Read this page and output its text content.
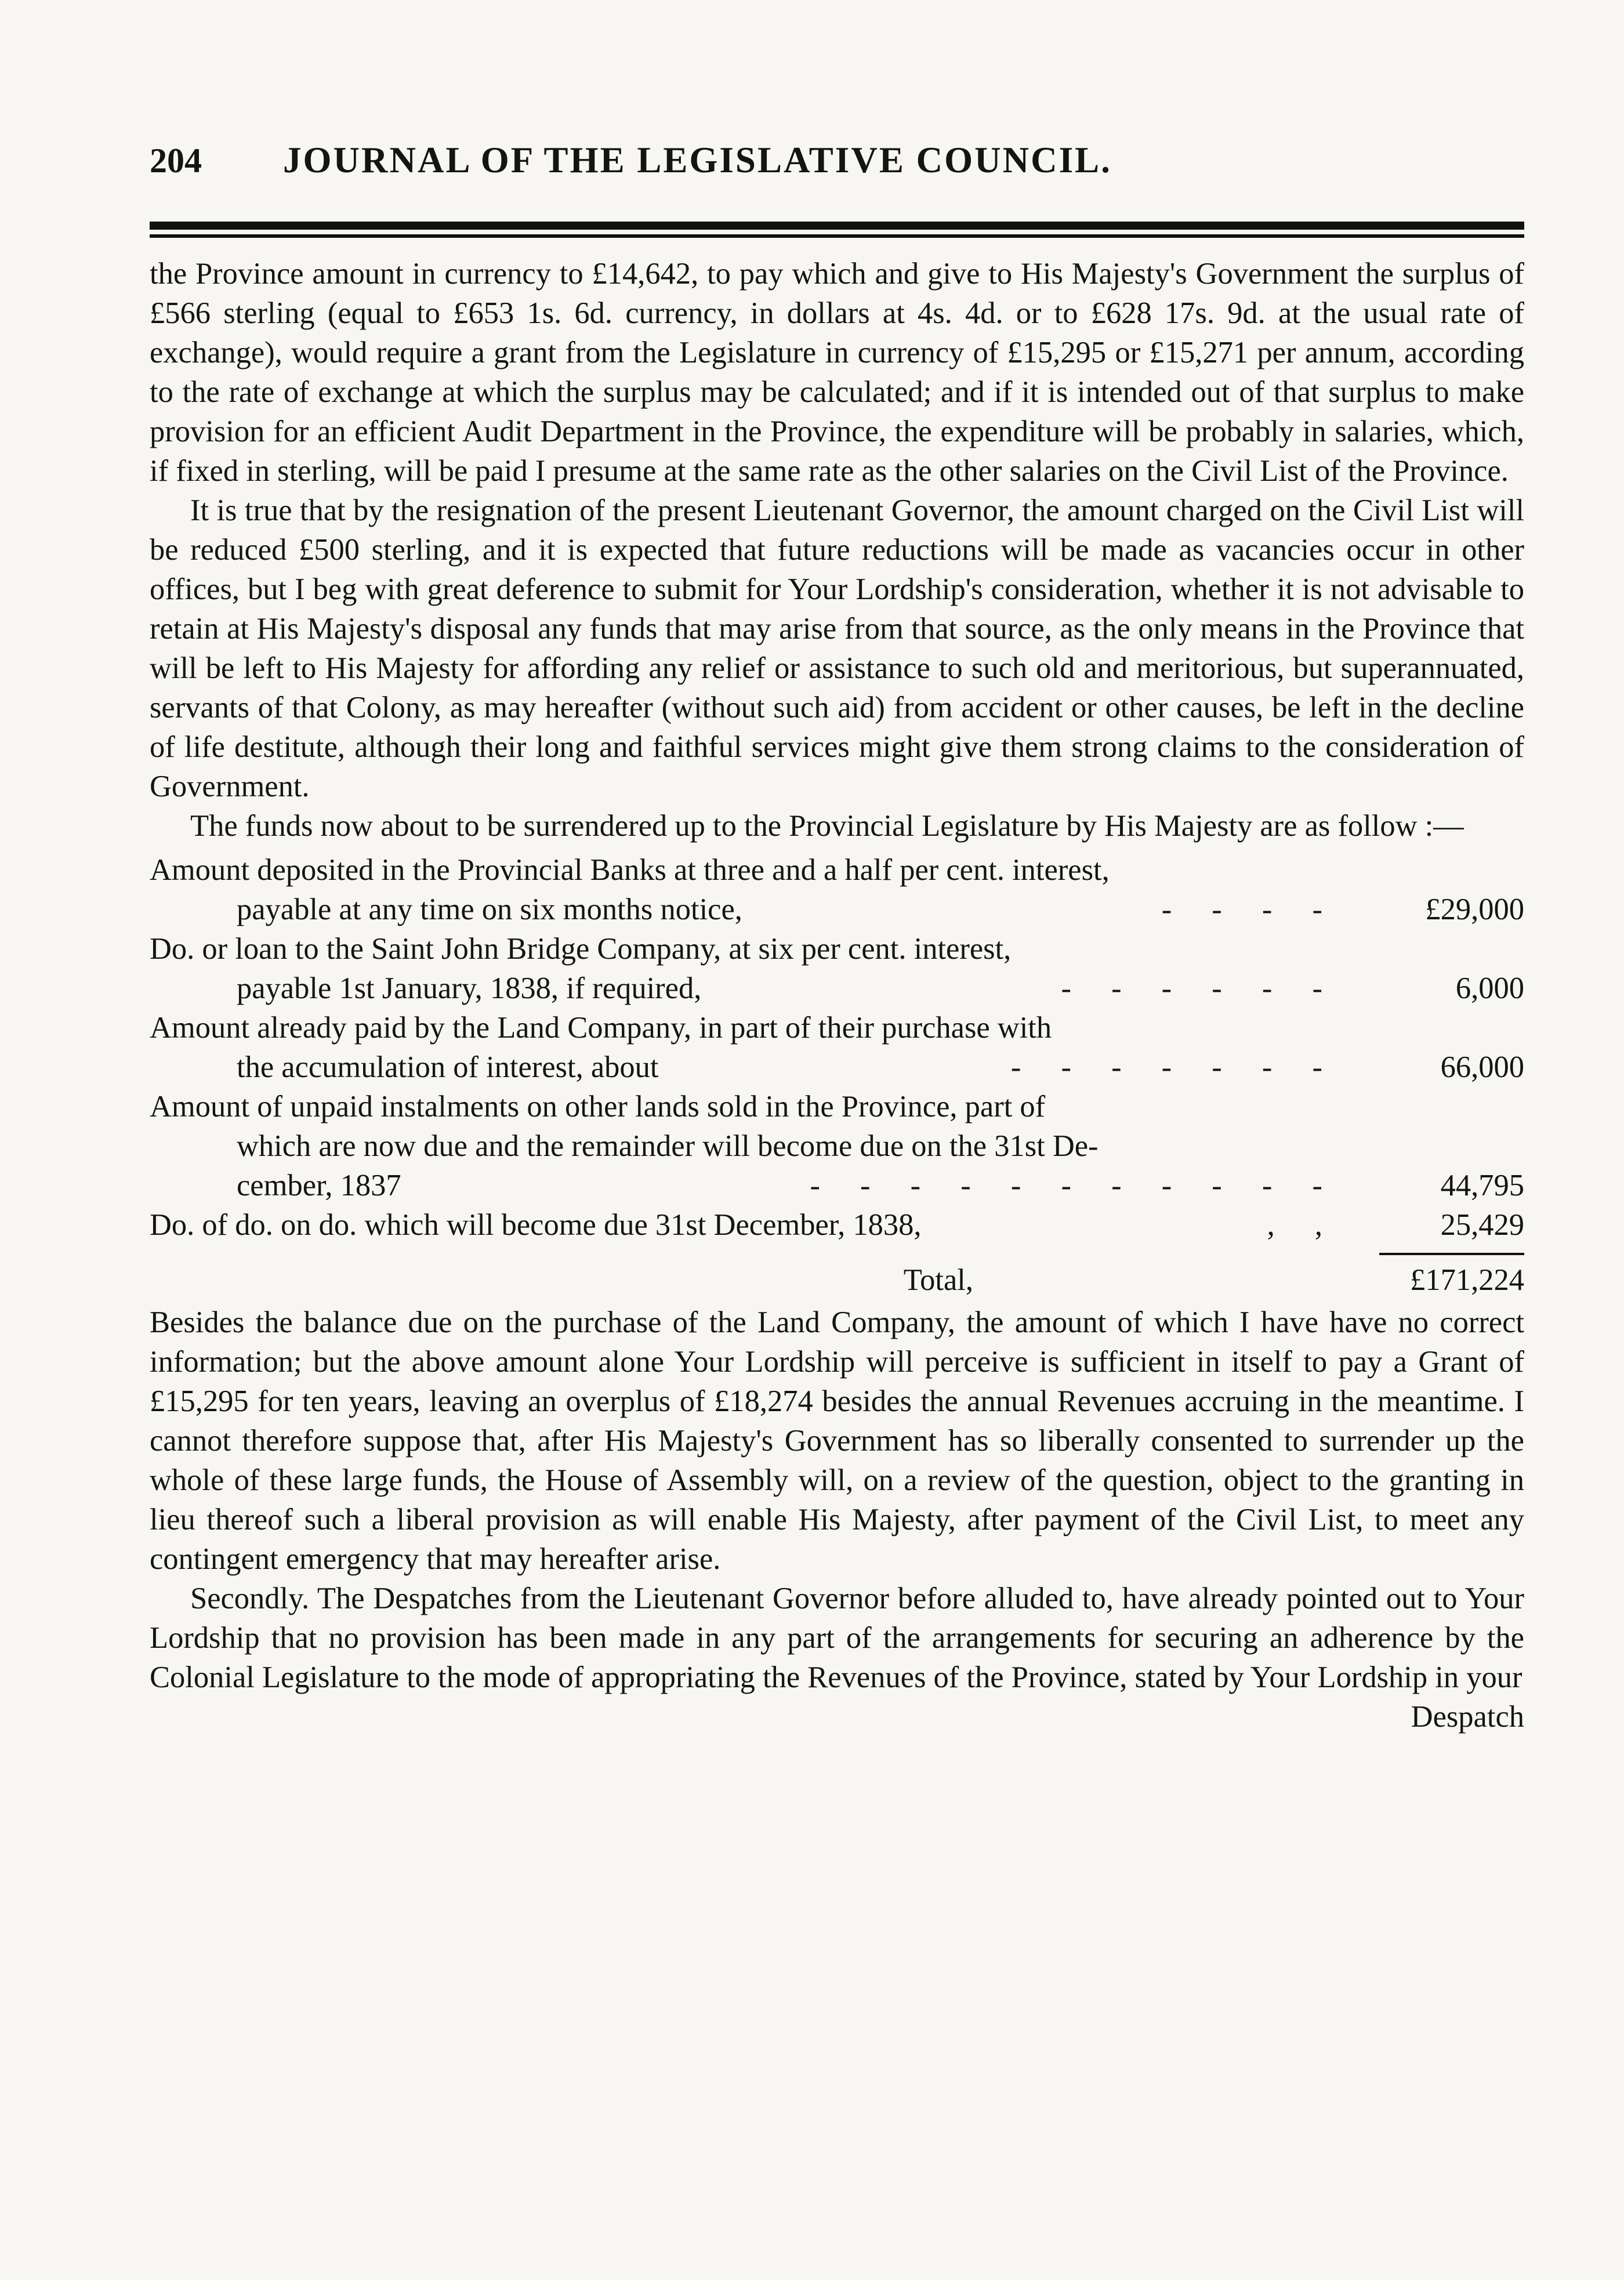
204	JOURNAL OF THE LEGISLATIVE COUNCIL.

the Province amount in currency to £14,642, to pay which and give to His Majesty's Government the surplus of £566 sterling (equal to £653 1s. 6d. currency, in dollars at 4s. 4d. or to £628 17s. 9d. at the usual rate of exchange), would require a grant from the Legislature in currency of £15,295 or £15,271 per annum, according to the rate of exchange at which the surplus may be calculated; and if it is intended out of that surplus to make provision for an efficient Audit Department in the Province, the expenditure will be probably in salaries, which, if fixed in sterling, will be paid I presume at the same rate as the other salaries on the Civil List of the Province.

It is true that by the resignation of the present Lieutenant Governor, the amount charged on the Civil List will be reduced £500 sterling, and it is expected that future reductions will be made as vacancies occur in other offices, but I beg with great deference to submit for Your Lordship's consideration, whether it is not advisable to retain at His Majesty's disposal any funds that may arise from that source, as the only means in the Province that will be left to His Majesty for affording any relief or assistance to such old and meritorious, but superannuated, servants of that Colony, as may hereafter (without such aid) from accident or other causes, be left in the decline of life destitute, although their long and faithful services might give them strong claims to the consideration of Government.

The funds now about to be surrendered up to the Provincial Legislature by His Majesty are as follow :—

Amount deposited in the Provincial Banks at three and a half per cent. interest,
payable at any time on six months notice,	- - - -	£29,000
Do. or loan to the Saint John Bridge Company, at six per cent. interest,
payable 1st January, 1838, if required,	- - - - - -	6,000
Amount already paid by the Land Company, in part of their purchase with
the accumulation of interest, about	- - - - - - -	66,000
Amount of unpaid instalments on other lands sold in the Province, part of
which are now due and the remainder will become due on the 31st De-
cember, 1837	- - - - - - - - - - -	44,795
Do. of do. on do. which will become due 31st December, 1838,	, ,	25,429
Total,	£171,224

Besides the balance due on the purchase of the Land Company, the amount of which I have have no correct information; but the above amount alone Your Lordship will perceive is sufficient in itself to pay a Grant of £15,295 for ten years, leaving an overplus of £18,274 besides the annual Revenues accruing in the meantime. I cannot therefore suppose that, after His Majesty's Government has so liberally consented to surrender up the whole of these large funds, the House of Assembly will, on a review of the question, object to the granting in lieu thereof such a liberal provision as will enable His Majesty, after payment of the Civil List, to meet any contingent emergency that may hereafter arise.

Secondly. The Despatches from the Lieutenant Governor before alluded to, have already pointed out to Your Lordship that no provision has been made in any part of the arrangements for securing an adherence by the Colonial Legislature to the mode of appropriating the Revenues of the Province, stated by Your Lordship in your

Despatch
